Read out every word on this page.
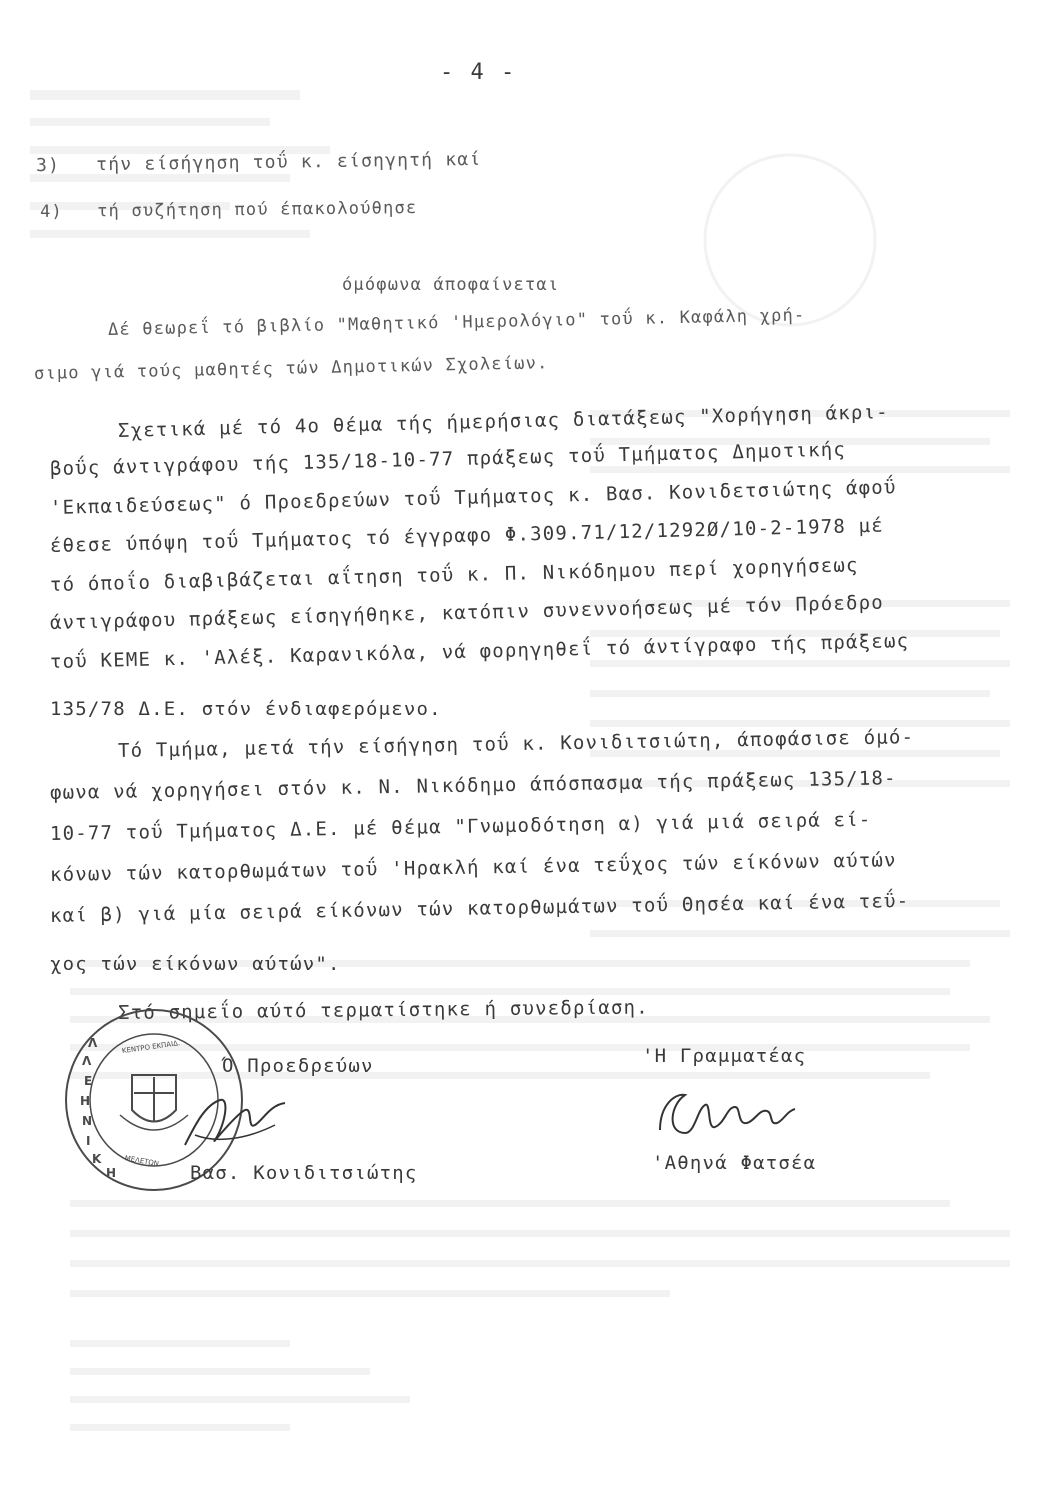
- 4 -
3) τήν είσήγηση τοΰ κ. είσηγητή καί
4) τή συζήτηση πού έπακολούθησε
όμόφωνα άποφαίνεται
Δέ θεωρεΐ τό βιβλίο "Μαθητικό 'Ημερολόγιο" τοΰ κ. Καφάλη χρή-
σιμο γιά τούς μαθητές τών Δημοτικών Σχολείων.
Σχετικά μέ τό 4ο θέμα τής ήμερήσιας διατάξεως "Χορήγηση άκρι-
βοΰς άντιγράφου τής 135/18-10-77 πράξεως τοΰ Τμήματος Δημοτικής
'Εκπαιδεύσεως" ό Προεδρεύων τοΰ Τμήματος κ. Βασ. Κονιδετσιώτης άφοΰ
έθεσε ύπόψη τοΰ Τμήματος τό έγγραφο Φ.309.71/12/1292Ø/10-2-1978 μέ
τό όποΐο διαβιβάζεται αΐτηση τοΰ κ. Π. Νικόδημου περί χορηγήσεως
άντιγράφου πράξεως είσηγήθηκε, κατόπιν συνεννοήσεως μέ τόν Πρόεδρο
τοΰ ΚΕΜΕ κ. 'Αλέξ. Καρανικόλα, νά φορηγηθεΐ τό άντίγραφο τής πράξεως
135/78 Δ.Ε. στόν ένδιαφερόμενο.
Τό Τμήμα, μετά τήν είσήγηση τοΰ κ. Κονιδιτσιώτη, άποφάσισε όμό-
φωνα νά χορηγήσει στόν κ. Ν. Νικόδημο άπόσπασμα τής πράξεως 135/18-
10-77 τοΰ Τμήματος Δ.Ε. μέ θέμα "Γνωμοδότηση α) γιά μιά σειρά εί-
κόνων τών κατορθωμάτων τοΰ 'Ηρακλή καί ένα τεΰχος τών είκόνων αύτών
καί β) γιά μία σειρά είκόνων τών κατορθωμάτων τοΰ Θησέα καί ένα τεΰ-
χος τών είκόνων αύτών".
Στό σημεΐο αύτό τερματίστηκε ή συνεδρίαση.
Ε
Λ
Λ
Η
Ν
Ι
Κ
Η
ΚΕΝΤΡΟ ΕΚΠΑΙΔ.
ΜΕΛΕΤΩΝ
Ό Προεδρεύων	'Η Γραμματέας
Βασ. Κονιδιτσιώτης	'Αθηνά Φατσέα
